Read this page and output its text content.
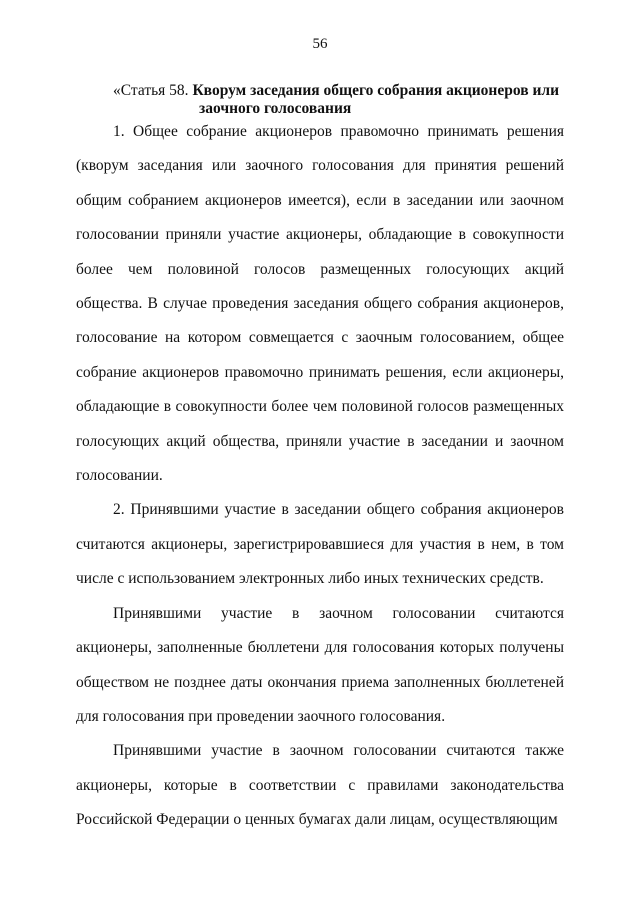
56
«Статья 58. Кворум заседания общего собрания акционеров или
заочного голосования

1. Общее собрание акционеров правомочно принимать решения (кворум заседания или заочного голосования для принятия решений общим собранием акционеров имеется), если в заседании или заочном голосовании приняли участие акционеры, обладающие в совокупности более чем половиной голосов размещенных голосующих акций общества. В случае проведения заседания общего собрания акционеров, голосование на котором совмещается с заочным голосованием, общее собрание акционеров правомочно принимать решения, если акционеры, обладающие в совокупности более чем половиной голосов размещенных голосующих акций общества, приняли участие в заседании и заочном голосовании.

2. Принявшими участие в заседании общего собрания акционеров считаются акционеры, зарегистрировавшиеся для участия в нем, в том числе с использованием электронных либо иных технических средств.

Принявшими участие в заочном голосовании считаются акционеры, заполненные бюллетени для голосования которых получены обществом не позднее даты окончания приема заполненных бюллетеней для голосования при проведении заочного голосования.

Принявшими участие в заочном голосовании считаются также акционеры, которые в соответствии с правилами законодательства Российской Федерации о ценных бумагах дали лицам, осуществляющим
